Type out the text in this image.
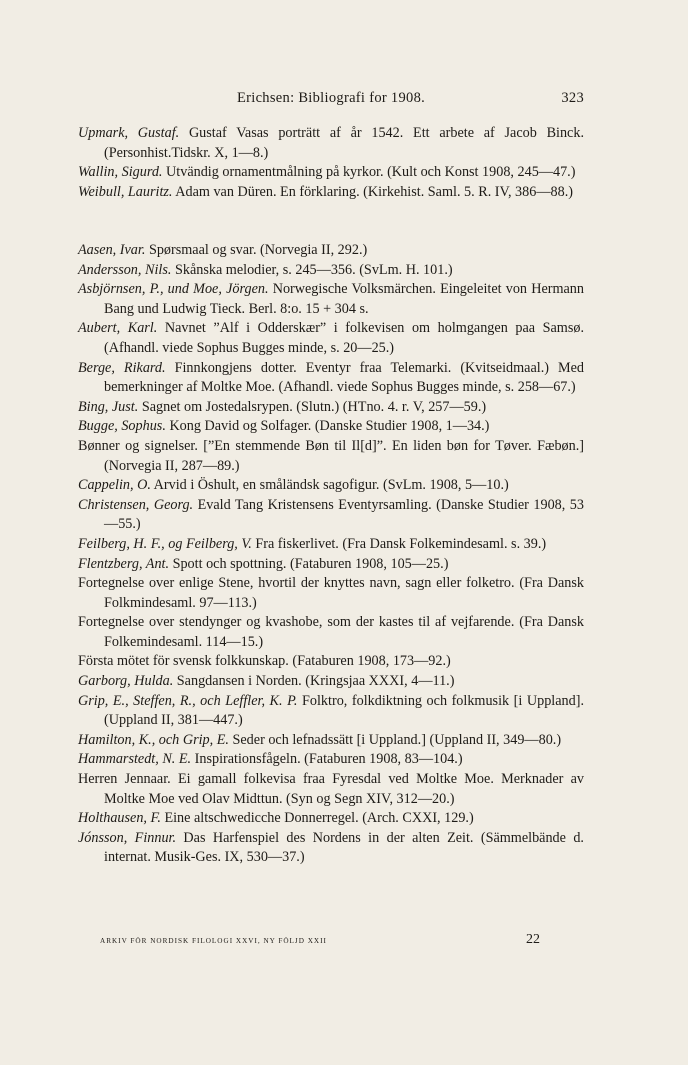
Erichsen: Bibliografi for 1908.	323

Upmark, Gustaf. Gustaf Vasas porträtt af år 1542. Ett arbete af Jacob Binck. (Personhist.Tidskr. X, 1—8.)

Wallin, Sigurd. Utvändig ornamentmålning på kyrkor. (Kult och Konst 1908, 245—47.)

Weibull, Lauritz. Adam van Düren. En förklaring. (Kirkehist. Saml. 5. R. IV, 386—88.)

Aasen, Ivar. Spørsmaal og svar. (Norvegia II, 292.)

Andersson, Nils. Skånska melodier, s. 245—356. (SvLm. H. 101.)

Asbjörnsen, P., und Moe, Jörgen. Norwegische Volksmärchen. Eingeleitet von Hermann Bang und Ludwig Tieck. Berl. 8:o. 15 + 304 s.

Aubert, Karl. Navnet ”Alf i Odderskær” i folkevisen om holmgangen paa Samsø. (Afhandl. viede Sophus Bugges minde, s. 20—25.)

Berge, Rikard. Finnkongjens dotter. Eventyr fraa Telemarki. (Kvitseidmaal.) Med bemerkninger af Moltke Moe. (Afhandl. viede Sophus Bugges minde, s. 258—67.)

Bing, Just. Sagnet om Jostedalsrypen. (Slutn.) (HTno. 4. r. V, 257—59.)

Bugge, Sophus. Kong David og Solfager. (Danske Studier 1908, 1—34.)

Bønner og signelser. [”En stemmende Bøn til Il[d]”. En liden bøn for Tøver. Fæbøn.] (Norvegia II, 287—89.)

Cappelin, O. Arvid i Öshult, en småländsk sagofigur. (SvLm. 1908, 5—10.)

Christensen, Georg. Evald Tang Kristensens Eventyrsamling. (Danske Studier 1908, 53—55.)

Feilberg, H. F., og Feilberg, V. Fra fiskerlivet. (Fra Dansk Folkemindesaml. s. 39.)

Flentzberg, Ant. Spott och spottning. (Fataburen 1908, 105—25.)

Fortegnelse over enlige Stene, hvortil der knyttes navn, sagn eller folketro. (Fra Dansk Folkmindesaml. 97—113.)

Fortegnelse over stendynger og kvashobe, som der kastes til af vejfarende. (Fra Dansk Folkemindesaml. 114—15.)

Första mötet för svensk folkkunskap. (Fataburen 1908, 173—92.)

Garborg, Hulda. Sangdansen i Norden. (Kringsjaa XXXI, 4—11.)

Grip, E., Steffen, R., och Leffler, K. P. Folktro, folkdiktning och folkmusik [i Uppland]. (Uppland II, 381—447.)

Hamilton, K., och Grip, E. Seder och lefnadssätt [i Uppland.] (Uppland II, 349—80.)

Hammarstedt, N. E. Inspirationsfågeln. (Fataburen 1908, 83—104.)

Herren Jennaar. Ei gamall folkevisa fraa Fyresdal ved Moltke Moe. Merknader av Moltke Moe ved Olav Midttun. (Syn og Segn XIV, 312—20.)

Holthausen, F. Eine altschwedicche Donnerregel. (Arch. CXXI, 129.)

Jónsson, Finnur. Das Harfenspiel des Nordens in der alten Zeit. (Sämmelbände d. internat. Musik-Ges. IX, 530—37.)

ARKIV FÖR NORDISK FILOLOGI XXVI, NY FÖLJD XXII	22
